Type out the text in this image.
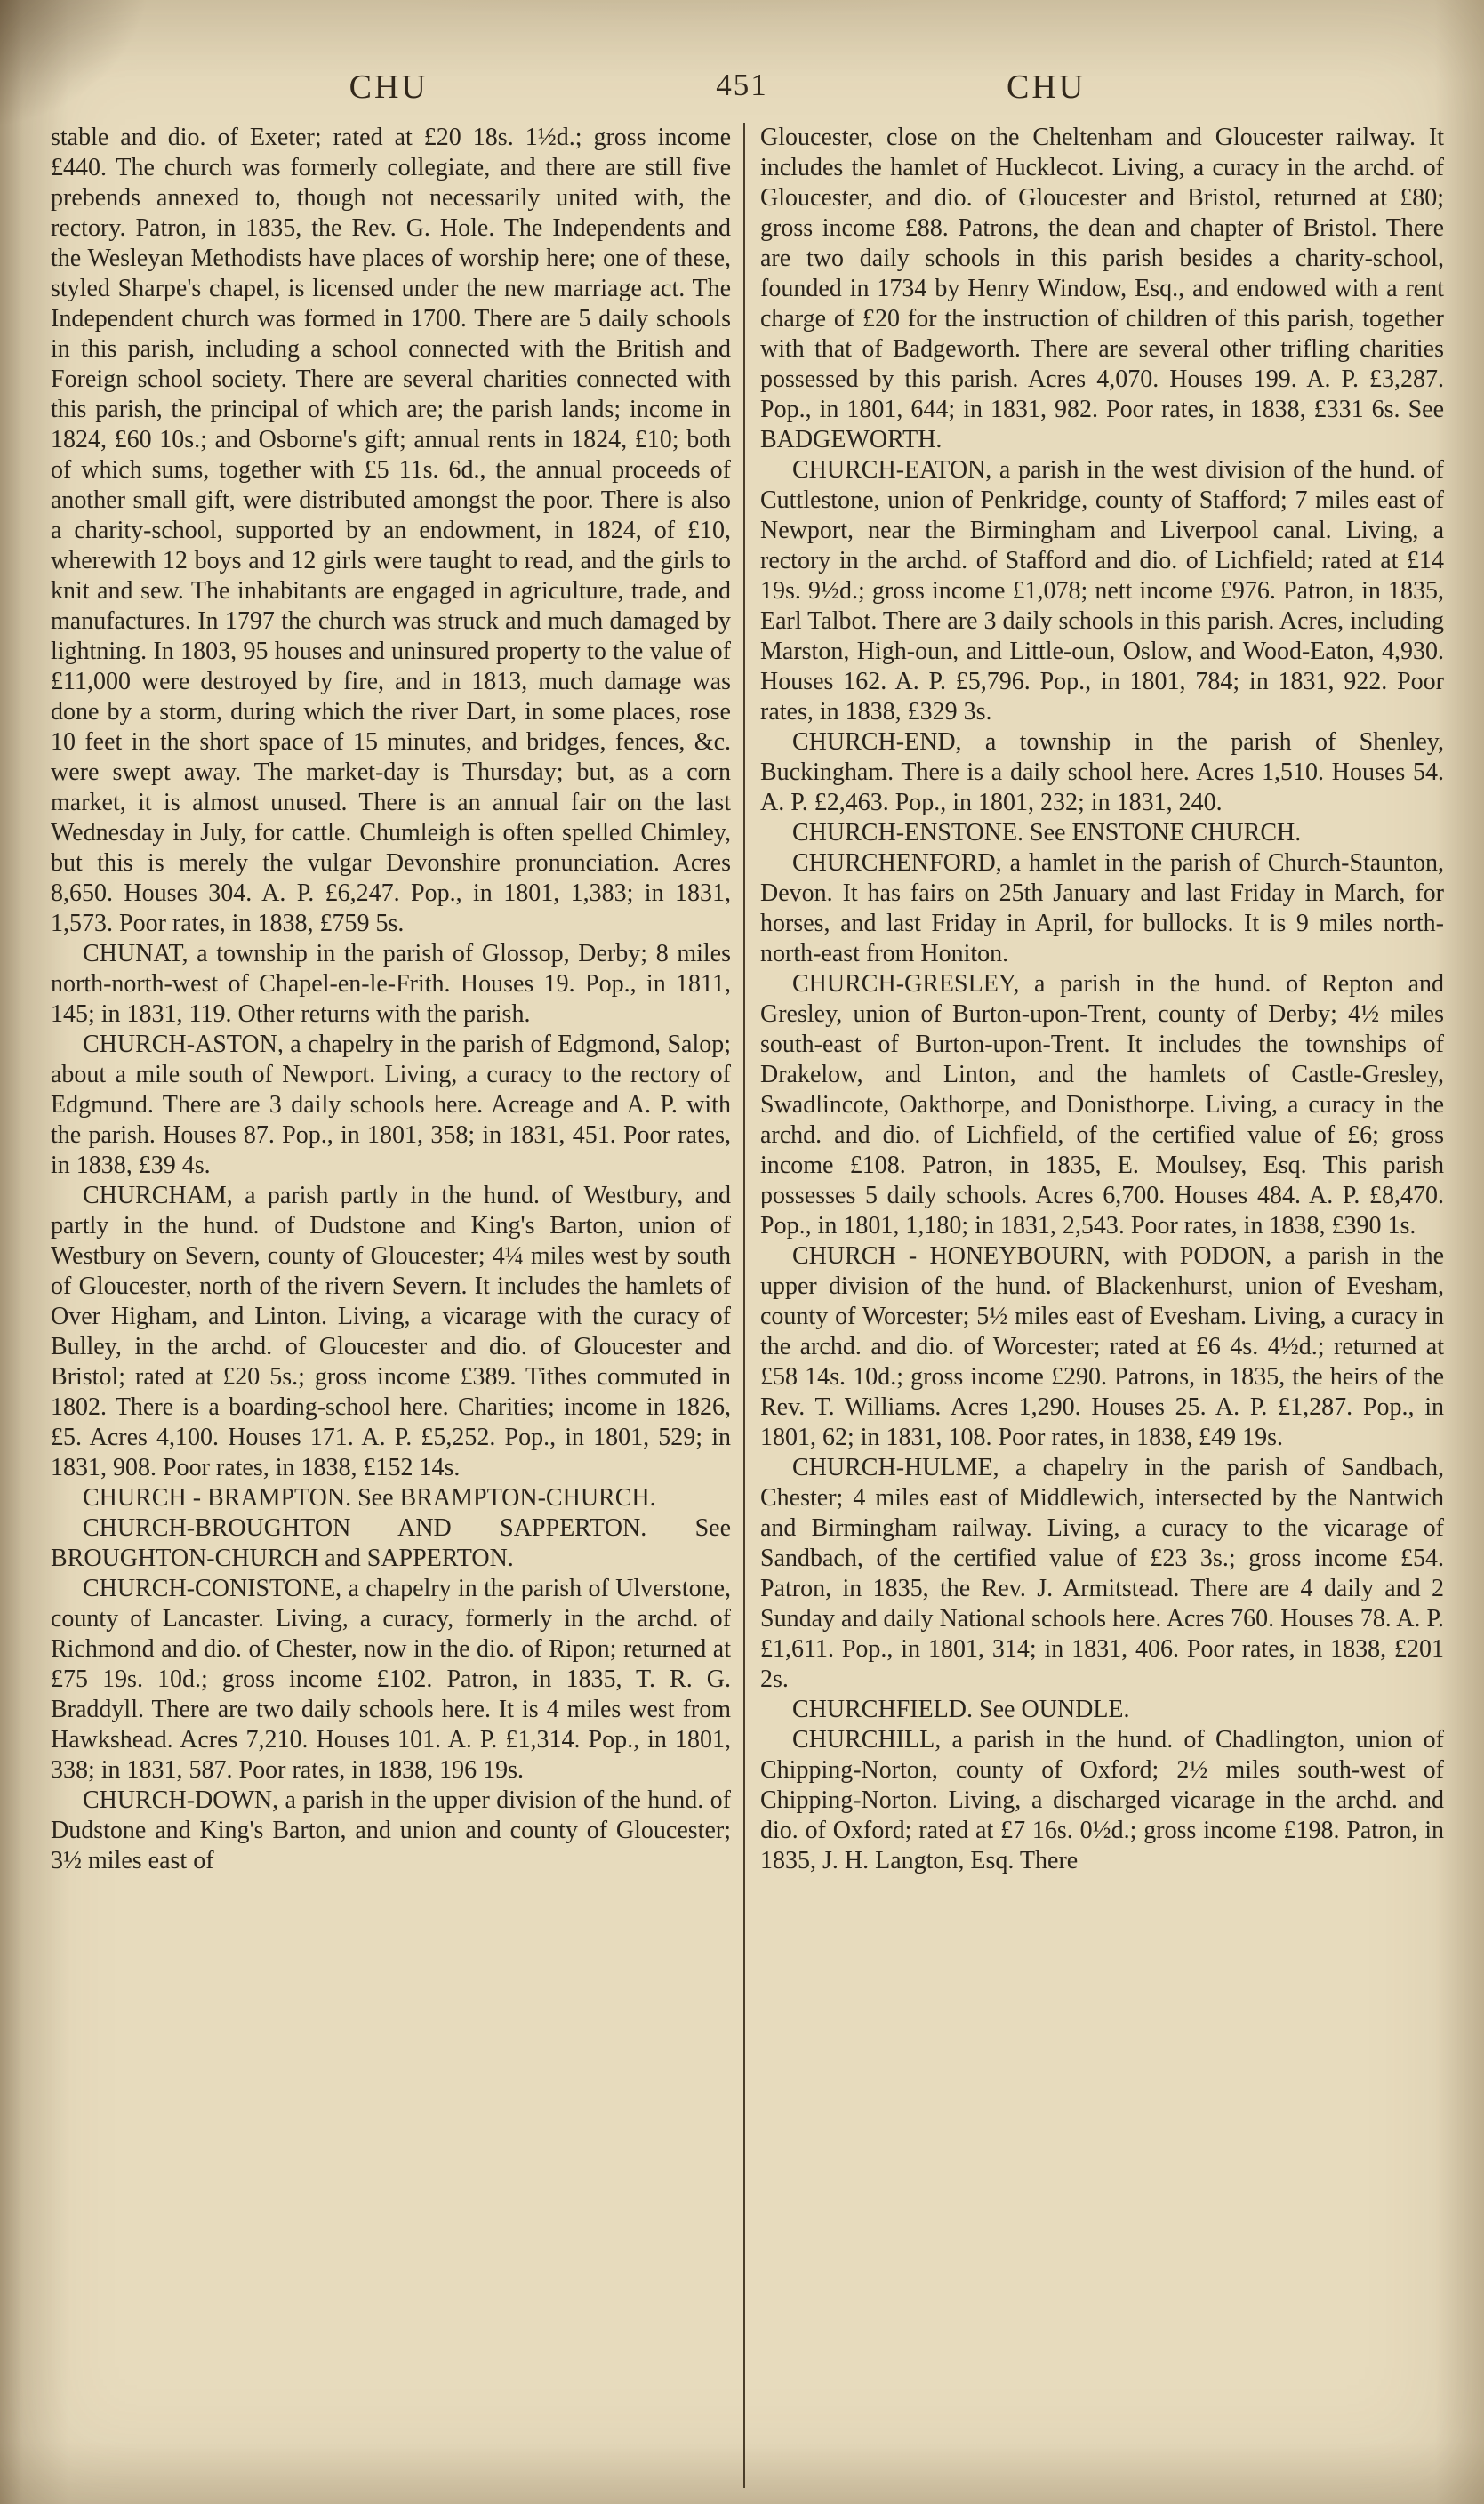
CHU	451	CHU

stable and dio. of Exeter; rated at £20 18s. 1½d.; gross income £440. The church was formerly collegiate, and there are still five prebends annexed to, though not necessarily united with, the rectory. Patron, in 1835, the Rev. G. Hole. The Independents and the Wesleyan Methodists have places of worship here; one of these, styled Sharpe's chapel, is licensed under the new marriage act. The Independent church was formed in 1700. There are 5 daily schools in this parish, including a school connected with the British and Foreign school society. There are several charities connected with this parish, the principal of which are; the parish lands; income in 1824, £60 10s.; and Osborne's gift; annual rents in 1824, £10; both of which sums, together with £5 11s. 6d., the annual proceeds of another small gift, were distributed amongst the poor. There is also a charity-school, supported by an endowment, in 1824, of £10, wherewith 12 boys and 12 girls were taught to read, and the girls to knit and sew. The inhabitants are engaged in agriculture, trade, and manufactures. In 1797 the church was struck and much damaged by lightning. In 1803, 95 houses and uninsured property to the value of £11,000 were destroyed by fire, and in 1813, much damage was done by a storm, during which the river Dart, in some places, rose 10 feet in the short space of 15 minutes, and bridges, fences, &c. were swept away. The market-day is Thursday; but, as a corn market, it is almost unused. There is an annual fair on the last Wednesday in July, for cattle. Chumleigh is often spelled Chimley, but this is merely the vulgar Devonshire pronunciation. Acres 8,650. Houses 304. A. P. £6,247. Pop., in 1801, 1,383; in 1831, 1,573. Poor rates, in 1838, £759 5s.

CHUNAT, a township in the parish of Glossop, Derby; 8 miles north-north-west of Chapel-en-le-Frith. Houses 19. Pop., in 1811, 145; in 1831, 119. Other returns with the parish.

CHURCH-ASTON, a chapelry in the parish of Edgmond, Salop; about a mile south of Newport. Living, a curacy to the rectory of Edgmund. There are 3 daily schools here. Acreage and A. P. with the parish. Houses 87. Pop., in 1801, 358; in 1831, 451. Poor rates, in 1838, £39 4s.

CHURCHAM, a parish partly in the hund. of Westbury, and partly in the hund. of Dudstone and King's Barton, union of Westbury on Severn, county of Gloucester; 4¼ miles west by south of Gloucester, north of the rivern Severn. It includes the hamlets of Over Higham, and Linton. Living, a vicarage with the curacy of Bulley, in the archd. of Gloucester and dio. of Gloucester and Bristol; rated at £20 5s.; gross income £389. Tithes commuted in 1802. There is a boarding-school here. Charities; income in 1826, £5. Acres 4,100. Houses 171. A. P. £5,252. Pop., in 1801, 529; in 1831, 908. Poor rates, in 1838, £152 14s.

CHURCH - BRAMPTON. See BRAMPTON-CHURCH.

CHURCH-BROUGHTON AND SAPPERTON. See BROUGHTON-CHURCH and SAPPERTON.

CHURCH-CONISTONE, a chapelry in the parish of Ulverstone, county of Lancaster. Living, a curacy, formerly in the archd. of Richmond and dio. of Chester, now in the dio. of Ripon; returned at £75 19s. 10d.; gross income £102. Patron, in 1835, T. R. G. Braddyll. There are two daily schools here. It is 4 miles west from Hawkshead. Acres 7,210. Houses 101. A. P. £1,314. Pop., in 1801, 338; in 1831, 587. Poor rates, in 1838, 196 19s.

CHURCH-DOWN, a parish in the upper division of the hund. of Dudstone and King's Barton, and union and county of Gloucester; 3½ miles east of

Gloucester, close on the Cheltenham and Gloucester railway. It includes the hamlet of Hucklecot. Living, a curacy in the archd. of Gloucester, and dio. of Gloucester and Bristol, returned at £80; gross income £88. Patrons, the dean and chapter of Bristol. There are two daily schools in this parish besides a charity-school, founded in 1734 by Henry Window, Esq., and endowed with a rent charge of £20 for the instruction of children of this parish, together with that of Badgeworth. There are several other trifling charities possessed by this parish. Acres 4,070. Houses 199. A. P. £3,287. Pop., in 1801, 644; in 1831, 982. Poor rates, in 1838, £331 6s. See BADGEWORTH.

CHURCH-EATON, a parish in the west division of the hund. of Cuttlestone, union of Penkridge, county of Stafford; 7 miles east of Newport, near the Birmingham and Liverpool canal. Living, a rectory in the archd. of Stafford and dio. of Lichfield; rated at £14 19s. 9½d.; gross income £1,078; nett income £976. Patron, in 1835, Earl Talbot. There are 3 daily schools in this parish. Acres, including Marston, High-oun, and Little-oun, Oslow, and Wood-Eaton, 4,930. Houses 162. A. P. £5,796. Pop., in 1801, 784; in 1831, 922. Poor rates, in 1838, £329 3s.

CHURCH-END, a township in the parish of Shenley, Buckingham. There is a daily school here. Acres 1,510. Houses 54. A. P. £2,463. Pop., in 1801, 232; in 1831, 240.

CHURCH-ENSTONE. See ENSTONE CHURCH.

CHURCHENFORD, a hamlet in the parish of Church-Staunton, Devon. It has fairs on 25th January and last Friday in March, for horses, and last Friday in April, for bullocks. It is 9 miles north-north-east from Honiton.

CHURCH-GRESLEY, a parish in the hund. of Repton and Gresley, union of Burton-upon-Trent, county of Derby; 4½ miles south-east of Burton-upon-Trent. It includes the townships of Drakelow, and Linton, and the hamlets of Castle-Gresley, Swadlincote, Oakthorpe, and Donisthorpe. Living, a curacy in the archd. and dio. of Lichfield, of the certified value of £6; gross income £108. Patron, in 1835, E. Moulsey, Esq. This parish possesses 5 daily schools. Acres 6,700. Houses 484. A. P. £8,470. Pop., in 1801, 1,180; in 1831, 2,543. Poor rates, in 1838, £390 1s.

CHURCH - HONEYBOURN, with PODON, a parish in the upper division of the hund. of Blackenhurst, union of Evesham, county of Worcester; 5½ miles east of Evesham. Living, a curacy in the archd. and dio. of Worcester; rated at £6 4s. 4½d.; returned at £58 14s. 10d.; gross income £290. Patrons, in 1835, the heirs of the Rev. T. Williams. Acres 1,290. Houses 25. A. P. £1,287. Pop., in 1801, 62; in 1831, 108. Poor rates, in 1838, £49 19s.

CHURCH-HULME, a chapelry in the parish of Sandbach, Chester; 4 miles east of Middlewich, intersected by the Nantwich and Birmingham railway. Living, a curacy to the vicarage of Sandbach, of the certified value of £23 3s.; gross income £54. Patron, in 1835, the Rev. J. Armitstead. There are 4 daily and 2 Sunday and daily National schools here. Acres 760. Houses 78. A. P. £1,611. Pop., in 1801, 314; in 1831, 406. Poor rates, in 1838, £201 2s.

CHURCHFIELD. See OUNDLE.

CHURCHILL, a parish in the hund. of Chadlington, union of Chipping-Norton, county of Oxford; 2½ miles south-west of Chipping-Norton. Living, a discharged vicarage in the archd. and dio. of Oxford; rated at £7 16s. 0½d.; gross income £198. Patron, in 1835, J. H. Langton, Esq. There
